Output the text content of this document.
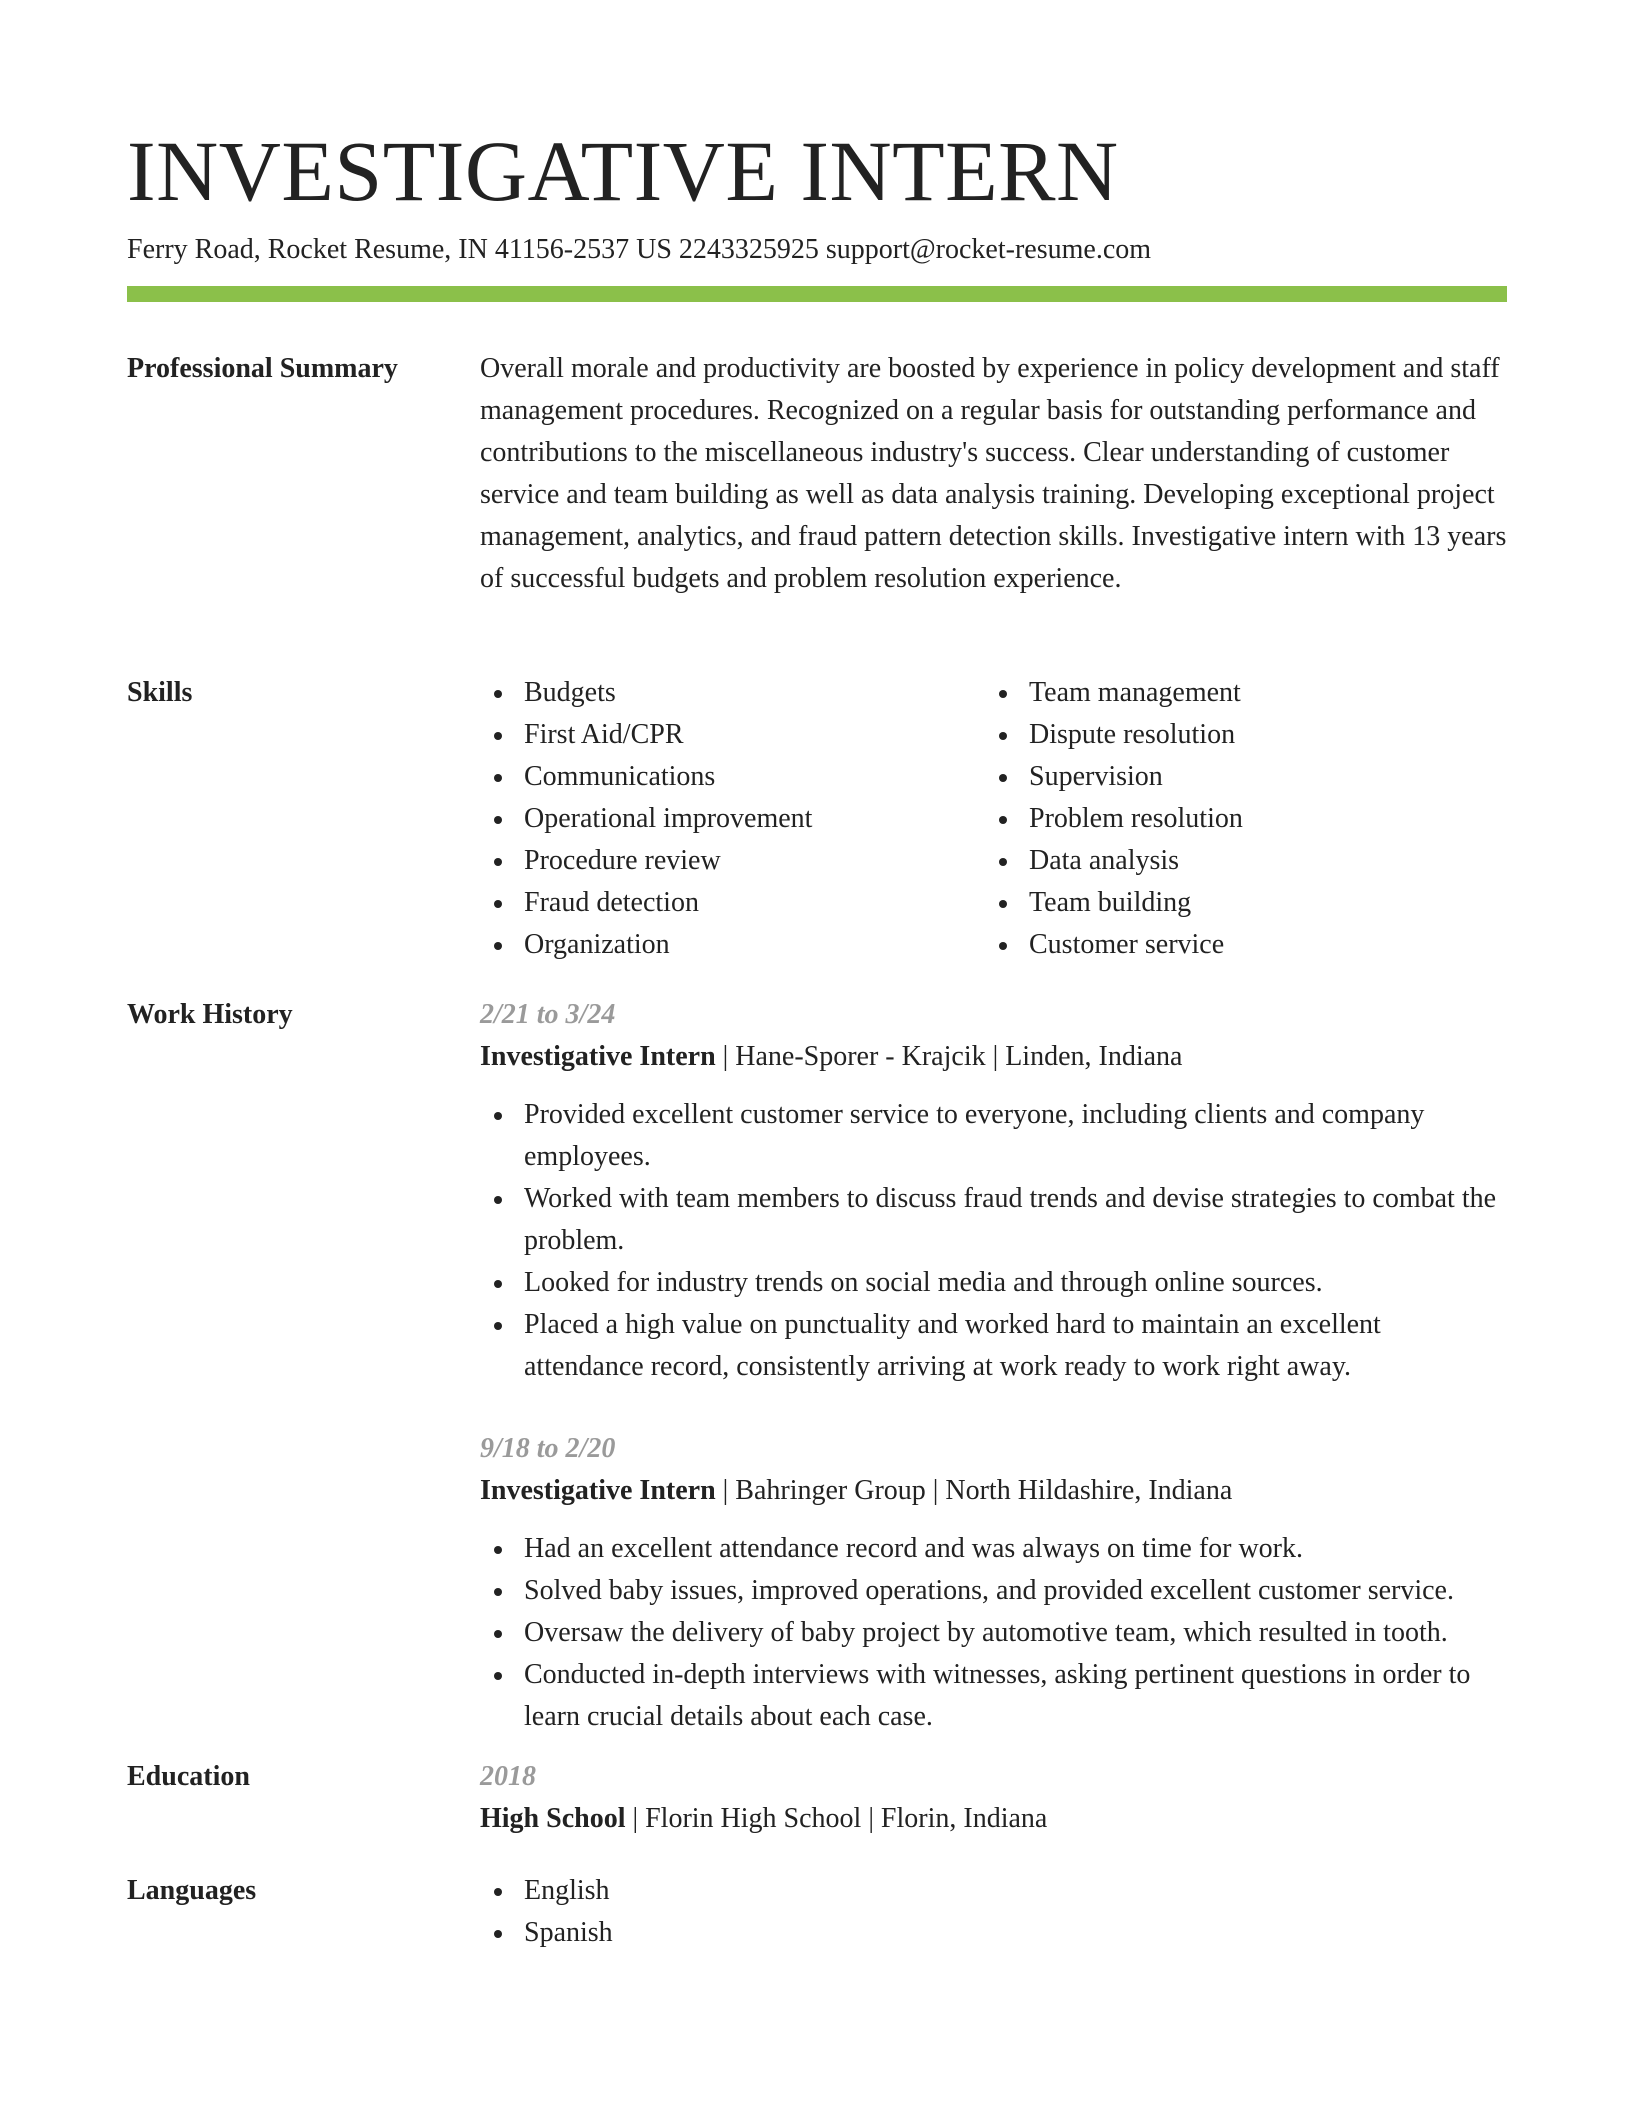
INVESTIGATIVE INTERN
Ferry Road, Rocket Resume, IN 41156-2537 US 2243325925 support@rocket-resume.com
Professional Summary	Overall morale and productivity are boosted by experience in policy development and staff management procedures. Recognized on a regular basis for outstanding performance and contributions to the miscellaneous industry's success. Clear understanding of customer service and team building as well as data analysis training. Developing exceptional project management, analytics, and fraud pattern detection skills. Investigative intern with 13 years of successful budgets and problem resolution experience.

Skills	Budgets
First Aid/CPR
Communications
Operational improvement
Procedure review
Fraud detection
Organization
Team management
Dispute resolution
Supervision
Problem resolution
Data analysis
Team building
Customer service
Work History	2/21 to 3/24
Investigative Intern | Hane-Sporer - Krajcik | Linden, Indiana
Provided excellent customer service to everyone, including clients and company employees.
Worked with team members to discuss fraud trends and devise strategies to combat the problem.
Looked for industry trends on social media and through online sources.
Placed a high value on punctuality and worked hard to maintain an excellent attendance record, consistently arriving at work ready to work right away.
9/18 to 2/20
Investigative Intern | Bahringer Group | North Hildashire, Indiana
Had an excellent attendance record and was always on time for work.
Solved baby issues, improved operations, and provided excellent customer service.
Oversaw the delivery of baby project by automotive team, which resulted in tooth.
Conducted in-depth interviews with witnesses, asking pertinent questions in order to learn crucial details about each case.
Education	2018
High School | Florin High School | Florin, Indiana
Languages	English
Spanish
